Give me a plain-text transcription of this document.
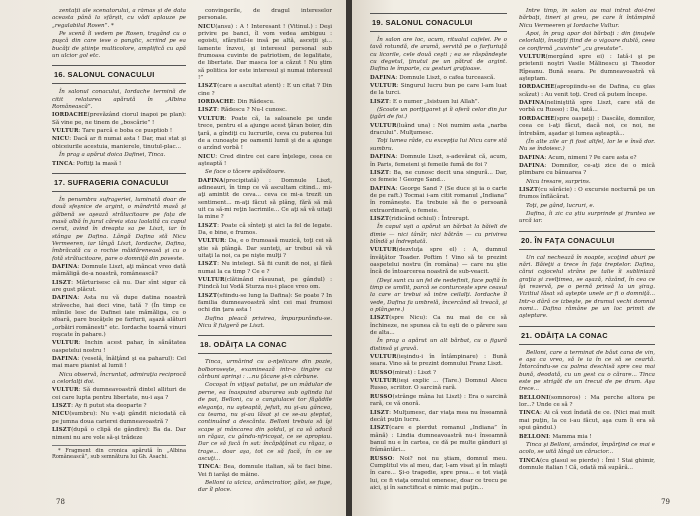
zentații ale scenatorului, a rămas și de data aceasta până la sfârșit, cu vădi aplauze pe „regalabilul Rosen”. *

Pe scenă îl vedem pe Rosen, tragând cu o puşcă din care iese o panglic, scriind pe ea bucăţi de ştiinţe multicolore, amplifică cu apă un ulcior gol etc.

16. SALONUL CONACULUI

În salonul conacului, Iordache termină de citit relatarea apărută în „Albina Românească”.

IORDACHE(prevăzând ciorul inapoi pe plan): Să vine pe, ne tinem de „boscărie” !

VULTUR: Tare parcă e boba ce pusptiob !

NICU: Dacă ar fi numai asta ! Dar, mai stat şi obiceiurile acestuia, manierele, tinutul-plac...

În prag a apărut doica Dafinei, Tinca.

TINCA: Poftiţi la masă !

17. SUFRAGERIA CONACULUI

În penumbra sufrageriei, luminată doar de două sfeşnice de argint, o mândrită masă şi gălbenă se aşează strălucitoare pe fața de masă albă în jurul căreia stau laolaltă cu capul cerut, avind în dreapta sa pe Liszt, iar în stânga pe Dafina. Lângă Dafina stă Nicu Vermeeren, iar lângă Liszt, Iordache, Dafina, îmbrăcată cu o rochie măidăreneasă şi cu o fotă strălucitoare, pare o domniţă din poveste.

DAFINA: Domnule Liszt, aţi mâncat vreo dată mâmăligă de-a noastră, românească?

LISZT: Mărturisesc că nu. Dar sînt sigur că are gust plăcut.

DAFINA: Asta nu vă dupe datina noastră străveche, hai deci vine, tată ? (În timp ce mîinile lesc de Dafinei iaie mămăliga, cu o sfoară, pare bucăţele pe farfurii, aşază alături „orbăiri românesti” etc. Iordache toarnă vinuri roşcate în pahare.)

VULTUR: Inchin acest pahar, în sănătatea oaspetelui nostru !

DAFINA: (veselă, înălţând şi ea paharul): Cel mai mare pianist al lumii !

Nicu observă, încruntat, admiraţia reciprocă a celorlalţi doi.

VULTUR: Să dumneavoastră dintel allituri de cei care lupta pentru libertate, nu-i aşa ?

LISZT: Ay fi putut sta deoparte ?

NICU(sumbru): Nu v-aţi gândit niciodată că pe jumna doua carierei dumneavoastră ?

LISZT(după o clipă de gândire): Ba da. Dar nimeni nu are vole să-şi trădeze

* Fragment din cronica apărută în „Albina Românească”, sub semnătura lui Gh. Asachi.

convingerile, de dragul intereselor personale.

NICU(ansu) : A ! Interesant ! (Vitinul.) : Deşi privire pe banci, îl vom vedea ambiguu : egoisti, sfârșitul-ie insă pe altă, asceții şi... lamente înzvoi, şi interesul personal sub frumoasa cuvinte de patriotism, de legalitate, de libertate. Dar masca lor a căzut ! Nu ştim să politica lor este interesul şi numai interesul !”

LISZT(care a ascultat atent) : E un citat ? Din cine ?

IORDACHE: Din Rădescu.

LISZT: Rădescu ? Nu-l cunosc.

VULTUR: Poate că, la saloanele pe unde trece, pentru el a ajunge acest ţăran boier, din ţară, a gîndiţi cu lucrurile, ceva cu puterea lui de a cunoaşte pe oamenii lumii şi de a ajunge o arzînd vorbă !

NICU: Cred dintre cei care înţelege, ceea ce aşteaptă !

Se face o tăcere apăsătoare.

DAFINA(precipitată) : Domnule Liszt, adineauri, în timp ce vă ascultam citind... mi-aţi amintit de ceva... ceva ce mi-a trezit un sentiment... m-aţi făcut să plâng, fără să mă uit ca să-mi reţin lacrimile... Ce aţi să vă uitaţi la mine ?

LISZT: Poate că sînteţi şi aici la fel de legate. Da, e bine, e frumos.

VULTUR: Da, e o frumoasă muzică, toţi cei să ştie să plângă. Dar sunteţi, ar trebui să vă uitaţi la noi, ca pe nişte mulţi ?

LISZT: Nu intelegi. Să fii cunit de noi, şi fără numai la ca timp ? Ce e ?

VULTUR(clătinând răsuunat, pe gândul) : Fiindcă lui Vodă Sturza nu-i place vreo om.

LISZT(sfiindu-se lung la Dafina): Se poate ? In familia dumneavoastră sînt cei mai frumosi ochi din ţara asta !

Dafina pleacă privirea, împurpurându-se. Nicu îl fulgeră pe Liszt.

18. ODĂIŢA LA CONAC

Tinca, urmărind cu a-nţelicare din pozie, bolborosește, examinează intr-o tingire cu cărbuni aprinşi : ...nu ţâcane şi-n cărbune.

Cocoşat în viţişul patului, pe un mâdular de perne, ea înaspuind aburarea sub oglinda lui de pai, Belloni, cu o cangiulacei tor făgădile eleganţa, nu aşteaptă, jefuit, nu şi-au gâncea, cu teama, nu şi-au lăsat şi ce se-au şteptat, continuând a descănta. Belloni trebuia să îşi scape şi mâncarea din şoldul, şi ca să aducă un răgaz, cu gându-nfricoşat, ce se apropiau. Dar ce să facă în sat: încăpăţânat cu răgaz, o trage... doar aşa, tot ce să facă, în ce se ascuţi...

TINCA: Bea, domnule italian, să te faci bine. Vei fi iarăşi de mâine.

Belloni ia ulcica, arâmciratior, găsi, se fuge, dar îl ploce.

78
19. SALONUL CONACULUI

În salon are loc, acum, ritualul cafelei. Pe o tavă rotundă, de aramă, servită pe o farfuriuţă cu licorile, cele două ceşti ; ea se răspândeşte cu degetul, ţinutul pe un pătrat de argint. Dafina le împarte, cu gesturi graţioase.

DAFINA: Domnule Liszt, o cafea turcească.

VULTUR: Singurul lucru bun pe care l-am luat de la turci.

LISZT: E o numer „Isistuen lui Allah”.

(Scoate un portţigaret şi îi oferă celor din jur ţigări de foi.)

VULTUR(luând una) : Noi numim asta „narba dracului”. Mulţumesc.

Toţi lumea râde, cu excepţia lui Nicu care stă sumbru.

DAFINA: Domnule Liszt, s-adevărat că, acum, în Paris, femeieni şi femeile fumă de foi ?

LISZT: Ba, ne cunosc decit una singură... Dar, ce femeie ! George Sand...

DAFINA: George Sand ? (Se duce şi ia o carte de pe raft.) Tocmai i-am citit romanul „Indiana” în românește. Ea trebuie să fie o persoană extraordinară, o femeie.

LISZT(ridicând ochiul) : Întrerupt.

În capul uşii a apărut un bărbat la băieli de dimie — nici tânăr, nici bătrân — cu privirea blîndă şi îndreptată.

VULTUR(dezvluţa spre el) : A, dumnul învăţător Toader. Poftim ! Vino să te prezint oaspetelui nostru (în româna) — care nu ştie încă de întoarcerea noastră de sub-veacit.

(Deşi sunt cu un fel de nedefinit, face poftă în timp ce umilit, parcă se conturcește spre ceasul la care ar trebui să intre ceilalţi. Iordache îl vede, Dafina fa umbrelă, încercând să treacă, şi o plângere.)

LISZT(spre Nicu): Ca nu mai de ce să închineze, ne spunea că tu eşti de o părere sau de alta...

În prag a apărut un alt bărbat, cu o figură distinsă şi gravă.

VULTUR(ieşindu-i în întâmpinare) : Bună seara. Vino să te prezint domnului Franz Liszt.

RUSSO(mirat) : Liszt ?

VULTUR(ieşi explic ... (Tare.) Domnul Alecu Russo, scriitor. O sarcină rară.

RUSSO(strânge mâna lui Liszt) : Era o sarcină rară, ce vă onoră.

LISZT: Mulţumesc, dar viaţa mea nu înseamnă decât puţin lucru.

LISZT(care e pierdut romanul „Indiana” în mână) : Lindia dumneavoastră nu-i înseamnă banul nu e în cartea, ce dă pe multe gânduri şi frâmântări...

RUSSO: Noi? noi nu ştiam, domnul meu. Cumplitul vis al meu, dar, l-am visat şi în mlaşti în care... Şi-o tragedie, spre prea... e tot viaţă lui, ce fi viaţa omului omenesc, doar ce trecu pe aici, şi în sanctificat e nimic mai puţin...

Între timp, în salon au mai intrat doi-trei bărbaţi, tineri şi greu, pe care îi întâmpină Nicu Vermeeren şi Iordache Vultur.

Apoi, în prag apar doi bărbaţi : din ţinuţele celorlalți, însoţiţi fiind de o vigoare dublă, ceea ce confirmă „cuvinte” „cu greutate”.

VULTUR(mergând spre ei) : Iată-i şi pe prietenii noştri Vasile Mălinescu şi Theodor Rîpeanu. Bună seara. Pe dumneavoastră vă aşteptam.

IORDACHE(apropiindu-se de Dafina, cu glas scăzut) : Au venit toţi. Cred că putem începe.

DAFINA(neliniştită spre Liszt, care stă de vorbă cu Russo) : Da, tată...

IORDACHE(spre oaspeţi) : Dascăle, domnilor, ceea ce i-aţi făcut, dacă noi, ce noi, ne întrebăm, aşadar şi lumea aşteaptă...

(În alte zile ar fi fost altfel, lor le e însă dor. Nu se îndoiesc.)

DAFINA: Acum, nimeni ? Pe care asta e?

DAFINA: Domnilor, ce-aţi zice de o mică plimbare cu bănuarea ?

Nicu tresare, surprins.

LISZT(cu sărăcie) : O excursie nocturnă pe un frumos înflăcărat.

Toţi, pe gând, lucruri, e.

Dafina, îi zic ca ştiu surprinde şi fruntea se urcă iar.

20. ÎN FAŢA CONACULUI

Un cal nechează în noapte, scoţind aburi pe nări. Băieţii a trece în faţa treptelor. Dafina, cărui cojocelul strâns pe talie îi subliniază graţia şi zvelţimea, se aşază, râzând, în cea ce îşi rezervă, pe o pernă prinsă la un şirag. Vizitiul lăsat să aştepte unele ar fi o domniţă... Intr-o dâră ce izbeşte, pe drumul vechi domnul nomi... Dafina rămâne pe un loc primit de aşteptare.

21. ODĂIŢA LA CONAC

Belloni, care a terminat de băut cana de vin, e aşa ca vreo, să le ia în ce să se ceartă. Întorcându-se cu palma deschisă spre cea mai bună, deodată, cu un gest cu o cărare... Tinca este pe strigăt de un trecut de pe drum. Aşa trece...

BELLONI(somnoros) : Ma perche altora pe lor...? Unde ce să ?

TINCA: Ai că vezi îndată de ce. (Nici mai mult mai puţin, la ce i-au făcut, aşa cum îi era să spui gândul.)

BELLONI: Mamma mia !

Tinca şi Belloni, amândoi, împărţind ce mai e acolo, se uită lângă un cărucior...

TINCA(cu glasul se pierde) : Îmi ! Stai ghimir, domnule italian ! Că, odată mă supără...

79
